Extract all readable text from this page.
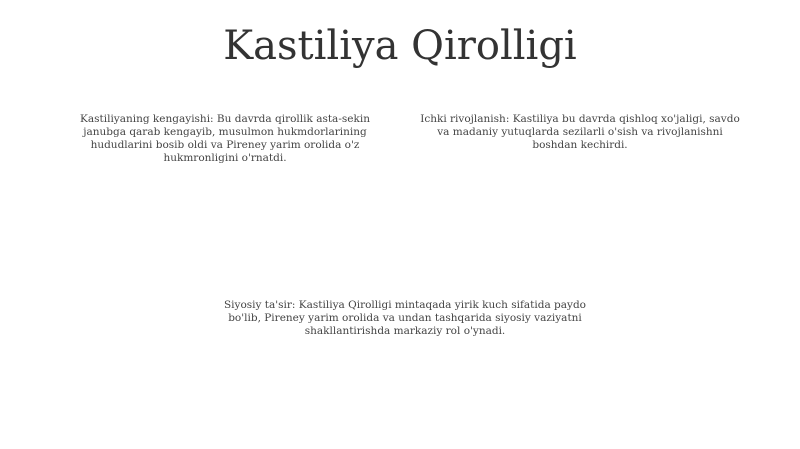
Kastiliya Qirolligi
Kastiliyaning kengayishi: Bu davrda qirollik asta-sekin janubga qarab kengayib, musulmon hukmdorlarining hududlarini bosib oldi va Pireney yarim orolida o'z hukmronligini o'rnatdi.
Ichki rivojlanish: Kastiliya bu davrda qishloq xo'jaligi, savdo va madaniy yutuqlarda sezilarli o'sish va rivojlanishni boshdan kechirdi.
Siyosiy ta'sir: Kastiliya Qirolligi mintaqada yirik kuch sifatida paydo bo'lib, Pireney yarim orolida va undan tashqarida siyosiy vaziyatni shakllantirishda markaziy rol o'ynadi.
